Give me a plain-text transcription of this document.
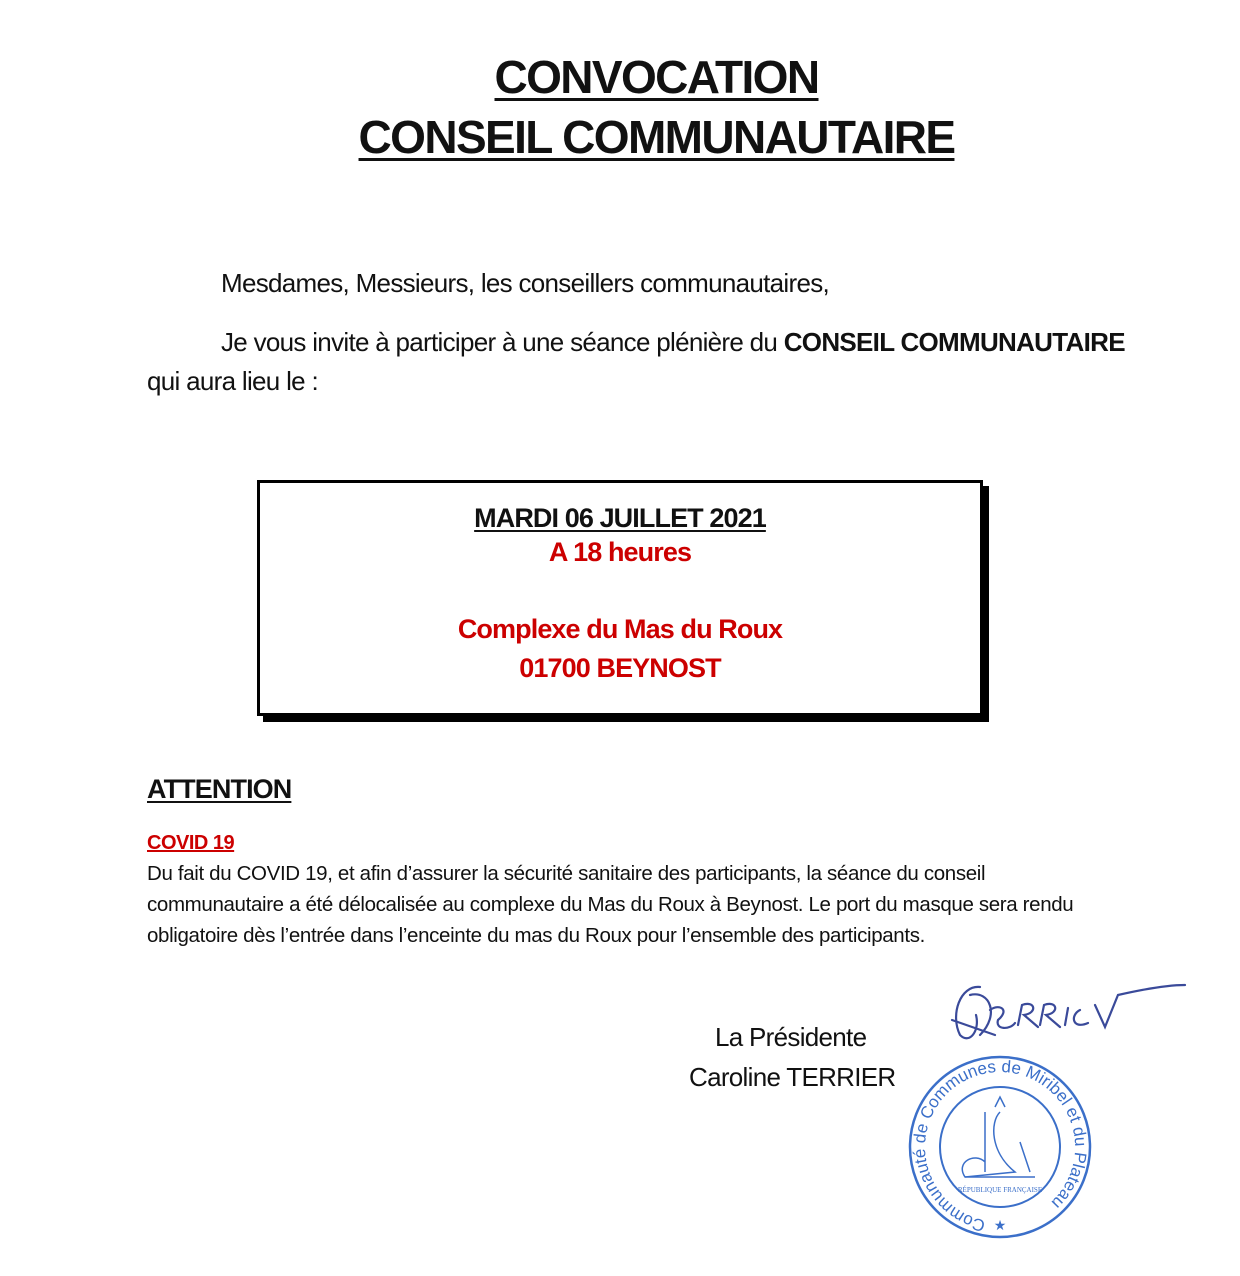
CONVOCATION
CONSEIL COMMUNAUTAIRE
Mesdames, Messieurs, les conseillers communautaires,
Je vous invite à participer à une séance plénière du CONSEIL COMMUNAUTAIRE
qui aura lieu le :
MARDI 06 JUILLET 2021
A 18 heures
Complexe du Mas du Roux
01700 BEYNOST
ATTENTION
COVID 19
Du fait du COVID 19, et afin d’assurer la sécurité sanitaire des participants, la séance du conseil communautaire a été délocalisée au complexe du Mas du Roux à Beynost. Le port du masque sera rendu obligatoire dès l’entrée dans l’enceinte du mas du Roux pour l’ensemble des participants.
La Présidente
Caroline TERRIER
Communauté de Communes de Miribel et du Plateau
RÉPUBLIQUE FRANÇAISE
★
